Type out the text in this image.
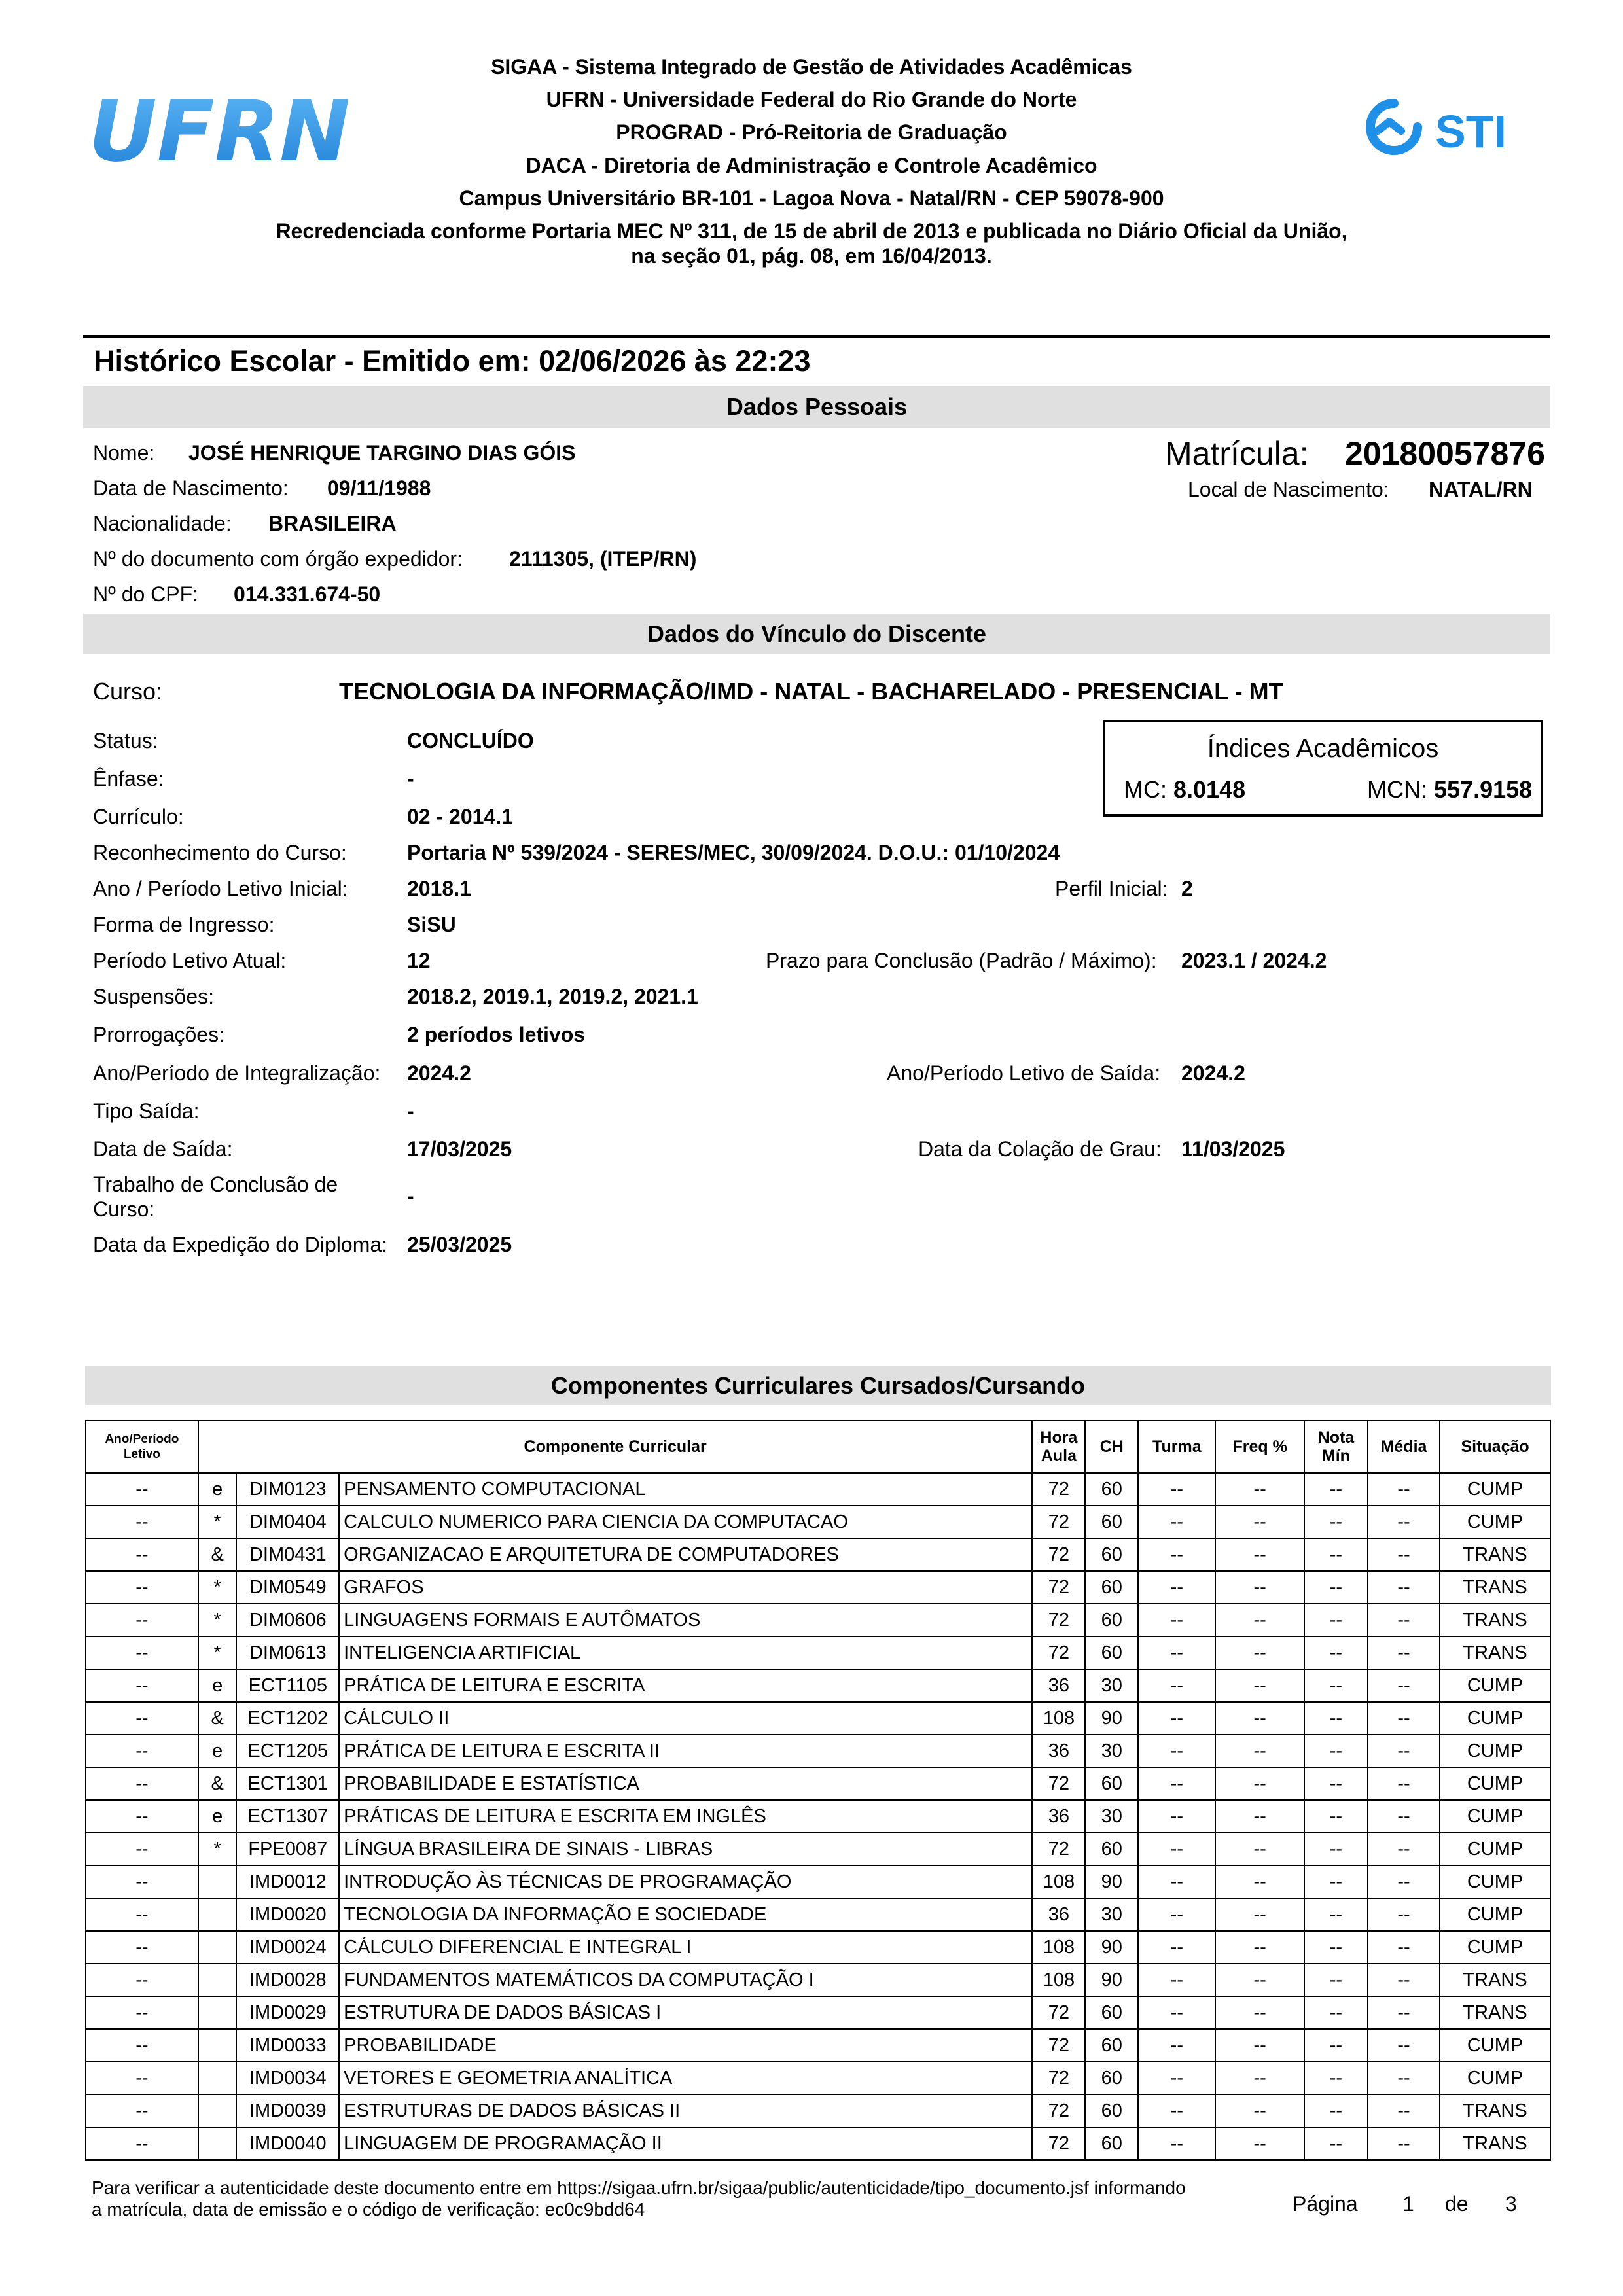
UFRN	STI
SIGAA - Sistema Integrado de Gestão de Atividades Acadêmicas
UFRN - Universidade Federal do Rio Grande do Norte
PROGRAD - Pró-Reitoria de Graduação
DACA - Diretoria de Administração e Controle Acadêmico
Campus Universitário BR-101 - Lagoa Nova - Natal/RN - CEP 59078-900
Recredenciada conforme Portaria MEC Nº 311, de 15 de abril de 2013 e publicada no Diário Oficial da União,
na seção 01, pág. 08, em 16/04/2013.
Histórico Escolar - Emitido em: 02/06/2026 às 22:23
Dados Pessoais
Nome: JOSÉ HENRIQUE TARGINO DIAS GÓIS
Data de Nascimento: 09/11/1988
Nacionalidade: BRASILEIRA
Nº do documento com órgão expedidor: 2111305, (ITEP/RN)
Nº do CPF: 014.331.674-50
Matrícula: 20180057876
Local de Nascimento: NATAL/RN
Dados do Vínculo do Discente
Curso:	TECNOLOGIA DA INFORMAÇÃO/IMD - NATAL - BACHARELADO - PRESENCIAL - MT
Status:	CONCLUÍDO
Ênfase:	-
Currículo:	02 - 2014.1
Reconhecimento do Curso:	Portaria Nº 539/2024 - SERES/MEC, 30/09/2024. D.O.U.: 01/10/2024
Ano / Período Letivo Inicial:	2018.1	Perfil Inicial: 2
Forma de Ingresso:	SiSU
Período Letivo Atual:	12	Prazo para Conclusão (Padrão / Máximo): 2023.1 / 2024.2
Suspensões:	2018.2, 2019.1, 2019.2, 2021.1
Prorrogações:	2 períodos letivos
Ano/Período de Integralização: 2024.2	Ano/Período Letivo de Saída: 2024.2
Tipo Saída:	-
Data de Saída:	17/03/2025	Data da Colação de Grau: 11/03/2025
Trabalho de Conclusão de
Curso:
-
Data da Expedição do Diploma: 25/03/2025
Índices Acadêmicos
MC: 8.0148	MCN: 557.9158
Componentes Curriculares Cursados/Cursando
Ano/Período
Letivo	Componente Curricular			Hora
Aula	CH	Turma	Freq %	Nota
Mín	Média	Situação
--	e	DIM0123	PENSAMENTO COMPUTACIONAL	72	60	--	--	--	--	CUMP
--	*	DIM0404	CALCULO NUMERICO PARA CIENCIA DA COMPUTACAO	72	60	--	--	--	--	CUMP
--	&	DIM0431	ORGANIZACAO E ARQUITETURA DE COMPUTADORES	72	60	--	--	--	--	TRANS
--	*	DIM0549	GRAFOS	72	60	--	--	--	--	TRANS
--	*	DIM0606	LINGUAGENS FORMAIS E AUTÔMATOS	72	60	--	--	--	--	TRANS
--	*	DIM0613	INTELIGENCIA ARTIFICIAL	72	60	--	--	--	--	TRANS
--	e	ECT1105	PRÁTICA DE LEITURA E ESCRITA	36	30	--	--	--	--	CUMP
--	&	ECT1202	CÁLCULO II	108	90	--	--	--	--	CUMP
--	e	ECT1205	PRÁTICA DE LEITURA E ESCRITA II	36	30	--	--	--	--	CUMP
--	&	ECT1301	PROBABILIDADE E ESTATÍSTICA	72	60	--	--	--	--	CUMP
--	e	ECT1307	PRÁTICAS DE LEITURA E ESCRITA EM INGLÊS	36	30	--	--	--	--	CUMP
--	*	FPE0087	LÍNGUA BRASILEIRA DE SINAIS - LIBRAS	72	60	--	--	--	--	CUMP
--		IMD0012	INTRODUÇÃO ÀS TÉCNICAS DE PROGRAMAÇÃO	108	90	--	--	--	--	CUMP
--		IMD0020	TECNOLOGIA DA INFORMAÇÃO E SOCIEDADE	36	30	--	--	--	--	CUMP
--		IMD0024	CÁLCULO DIFERENCIAL E INTEGRAL I	108	90	--	--	--	--	CUMP
--		IMD0028	FUNDAMENTOS MATEMÁTICOS DA COMPUTAÇÃO I	108	90	--	--	--	--	TRANS
--		IMD0029	ESTRUTURA DE DADOS BÁSICAS I	72	60	--	--	--	--	TRANS
--		IMD0033	PROBABILIDADE	72	60	--	--	--	--	CUMP
--		IMD0034	VETORES E GEOMETRIA ANALÍTICA	72	60	--	--	--	--	CUMP
--		IMD0039	ESTRUTURAS DE DADOS BÁSICAS II	72	60	--	--	--	--	TRANS
--		IMD0040	LINGUAGEM DE PROGRAMAÇÃO II	72	60	--	--	--	--	TRANS
Para verificar a autenticidade deste documento entre em https://sigaa.ufrn.br/sigaa/public/autenticidade/tipo_documento.jsf informando
a matrícula, data de emissão e o código de verificação: ec0c9bdd64	Página 1 de 3
